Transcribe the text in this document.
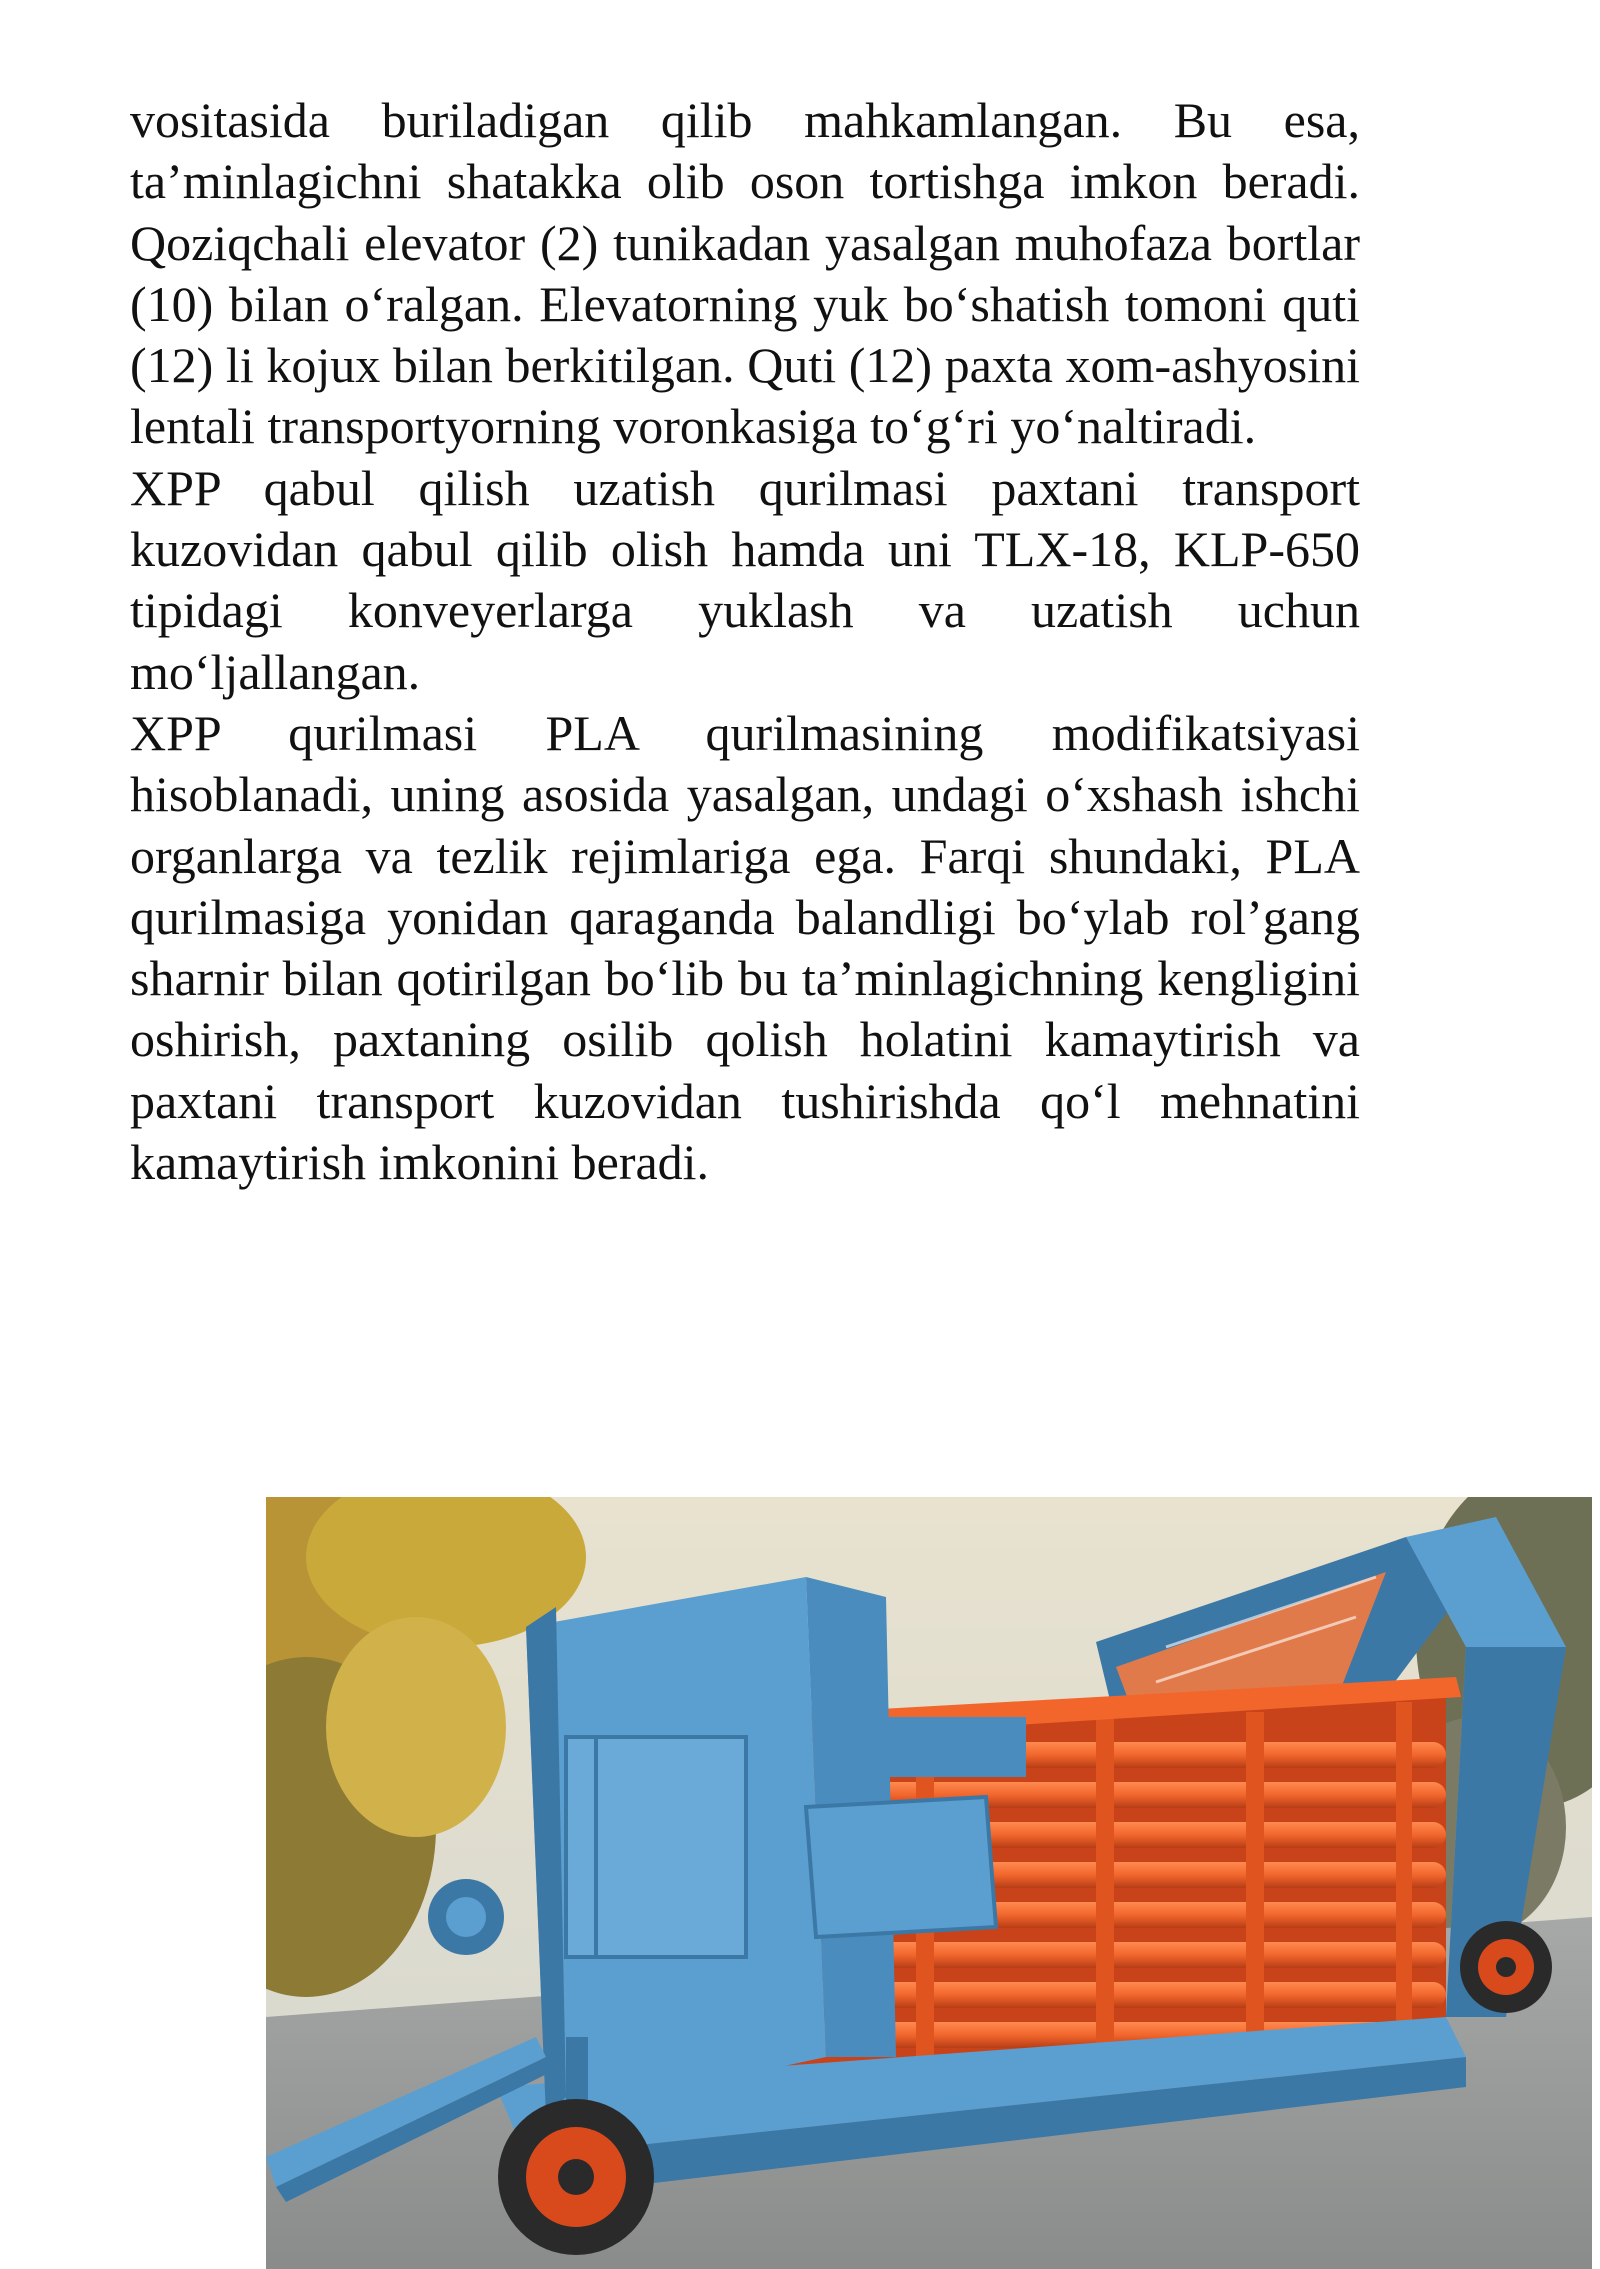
vositasida buriladigan qilib mahkamlangan. Bu esa, ta’minlagichni shatakka olib oson tortishga imkon beradi. Qoziqchali elevator (2) tunikadan yasalgan muhofaza bortlar (10) bilan oʻralgan. Elevatorning yuk boʻshatish tomoni quti (12) li kojux bilan berkitilgan. Quti (12) paxta xom-ashyosini lentali transportyorning voronkasiga toʻgʻri yoʻnaltiradi.

XPP qabul qilish uzatish qurilmasi paxtani transport kuzovidan qabul qilib olish hamda uni TLX-18, KLP-650 tipidagi konveyerlarga yuklash va uzatish uchun moʻljallangan.

XPP qurilmasi PLA qurilmasining modifikatsiyasi hisoblanadi, uning asosida yasalgan, undagi oʻxshash ishchi organlarga va tezlik rejimlariga ega. Farqi shundaki, PLA qurilmasiga yonidan qaraganda balandligi boʻylab rol’gang sharnir bilan qotirilgan boʻlib bu ta’minlagichning kengligini oshirish, paxtaning osilib qolish holatini kamaytirish va paxtani transport kuzovidan tushirishda qoʻl mehnatini kamaytirish imkonini beradi.
